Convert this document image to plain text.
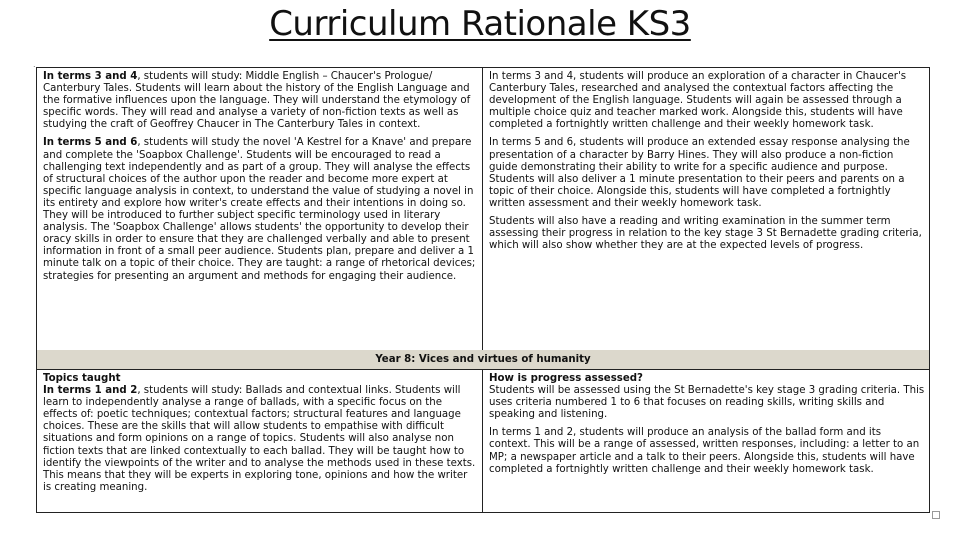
Curriculum Rationale KS3
.

In terms 3 and 4, students will study: Middle English – Chaucer's Prologue/ Canterbury Tales. Students will learn about the history of the English Language and the formative influences upon the language. They will understand the etymology of specific words. They will read and analyse a variety of non-fiction texts as well as studying the craft of Geoffrey Chaucer in The Canterbury Tales in context.

In terms 5 and 6, students will study the novel 'A Kestrel for a Knave' and prepare and complete the 'Soapbox Challenge'. Students will be encouraged to read a challenging text independently and as part of a group. They will analyse the effects of structural choices of the author upon the reader and become more expert at specific language analysis in context, to understand the value of studying a novel in its entirety and explore how writer's create effects and their intentions in doing so. They will be introduced to further subject specific terminology used in literary analysis. The 'Soapbox Challenge' allows students' the opportunity to develop their oracy skills in order to ensure that they are challenged verbally and able to present information in front of a small peer audience. Students plan, prepare and deliver a 1 minute talk on a topic of their choice. They are taught: a range of rhetorical devices; strategies for presenting an argument and methods for engaging their audience.

In terms 3 and 4, students will produce an exploration of a character in Chaucer's Canterbury Tales, researched and analysed the contextual factors affecting the development of the English language. Students will again be assessed through a multiple choice quiz and teacher marked work. Alongside this, students will have completed a fortnightly written challenge and their weekly homework task.

In terms 5 and 6, students will produce an extended essay response analysing the presentation of a character by Barry Hines. They will also produce a non-fiction guide demonstrating their ability to write for a specific audience and purpose. Students will also deliver a 1 minute presentation to their peers and parents on a topic of their choice. Alongside this, students will have completed a fortnightly written assessment and their weekly homework task.

Students will also have a reading and writing examination in the summer term assessing their progress in relation to the key stage 3 St Bernadette grading criteria, which will also show whether they are at the expected levels of progress.

Year 8: Vices and virtues of humanity
Topics taught

In terms 1 and 2, students will study: Ballads and contextual links. Students will learn to independently analyse a range of ballads, with a specific focus on the effects of: poetic techniques; contextual factors; structural features and language choices. These are the skills that will allow students to empathise with difficult situations and form opinions on a range of topics. Students will also analyse non fiction texts that are linked contextually to each ballad. They will be taught how to identify the viewpoints of the writer and to analyse the methods used in these texts. This means that they will be experts in exploring tone, opinions and how the writer is creating meaning.

How is progress assessed?

Students will be assessed using the St Bernadette's key stage 3 grading criteria. This uses criteria numbered 1 to 6 that focuses on reading skills, writing skills and speaking and listening.

In terms 1 and 2, students will produce an analysis of the ballad form and its context. This will be a range of assessed, written responses, including: a letter to an MP; a newspaper article and a talk to their peers. Alongside this, students will have completed a fortnightly written challenge and their weekly homework task.
